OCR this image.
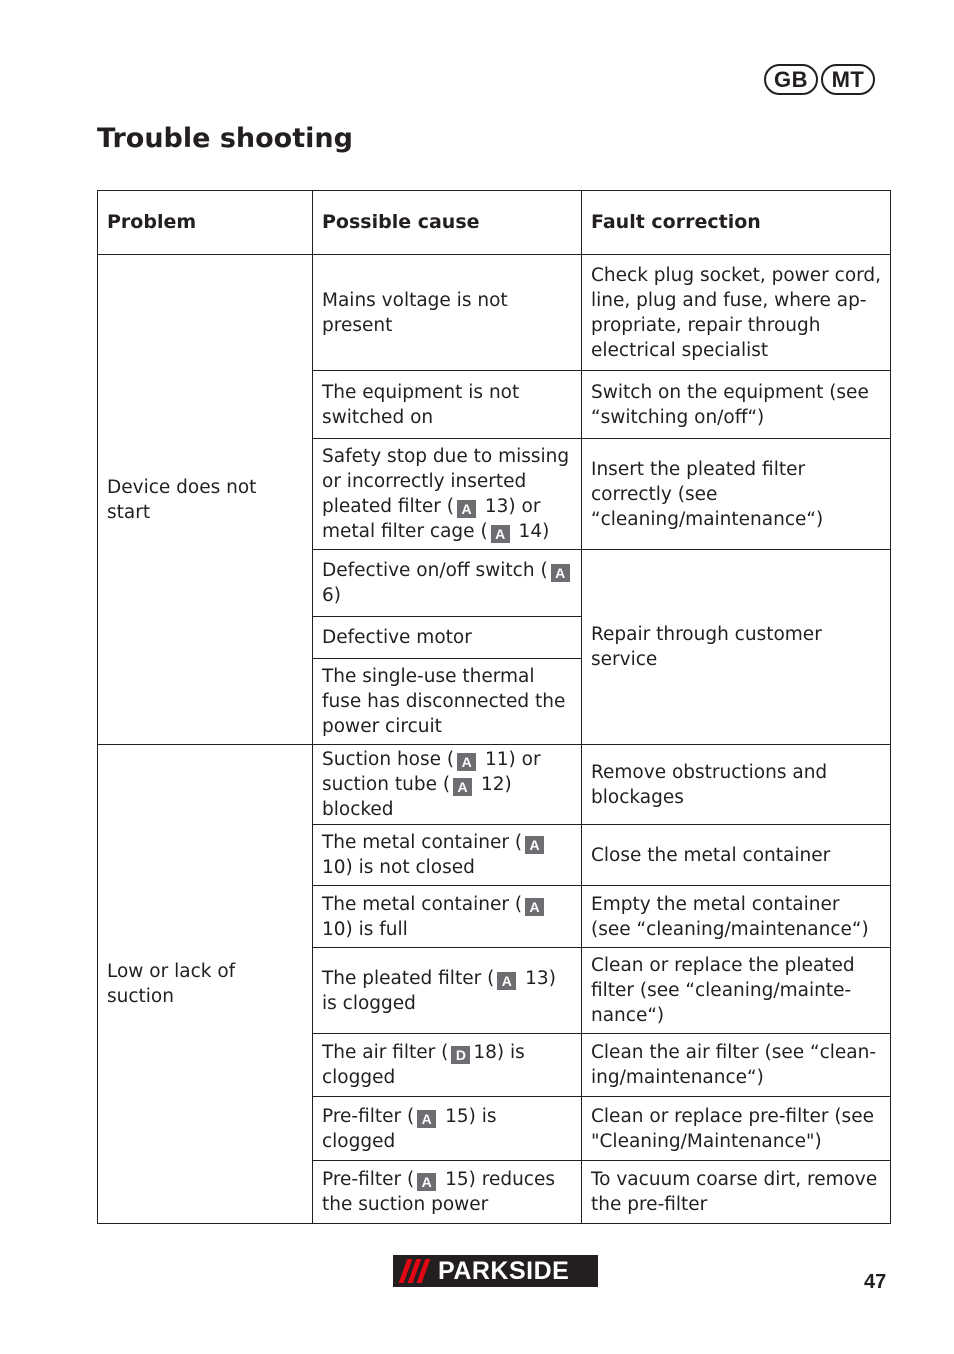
GB	MT
Trouble shooting
Problem	Possible cause	Fault correction
Device does not start	Mains voltage is not present	Check plug socket, power cord, line, plug and fuse, where appropriate, repair through electrical specialist
	The equipment is not switched on	Switch on the equipment (see “switching on/off“)
	Safety stop due to missing or incorrectly inserted pleated filter ( A 13) or metal filter cage ( A 14)	Insert the pleated filter correctly (see “cleaning/maintenance“)
	Defective on/off switch ( A 6)	Repair through customer service
	Defective motor	
	The single-use thermal fuse has disconnected the power circuit	
Low or lack of suction	Suction hose ( A 11) or suction tube ( A 12) blocked	Remove obstructions and blockages
	The metal container ( A 10) is not closed	Close the metal container
	The metal container ( A 10) is full	Empty the metal container (see “cleaning/maintenance“)
	The pleated filter ( A 13) is clogged	Clean or replace the pleated filter (see “cleaning/maintenance“)
	The air filter ( D 18) is clogged	Clean the air filter (see “cleaning/maintenance“)
	Pre-filter ( A 15) is clogged	Clean or replace pre-filter (see "Cleaning/Maintenance")
	Pre-filter ( A 15) reduces the suction power	To vacuum coarse dirt, remove the pre-filter
PARKSIDE	47
